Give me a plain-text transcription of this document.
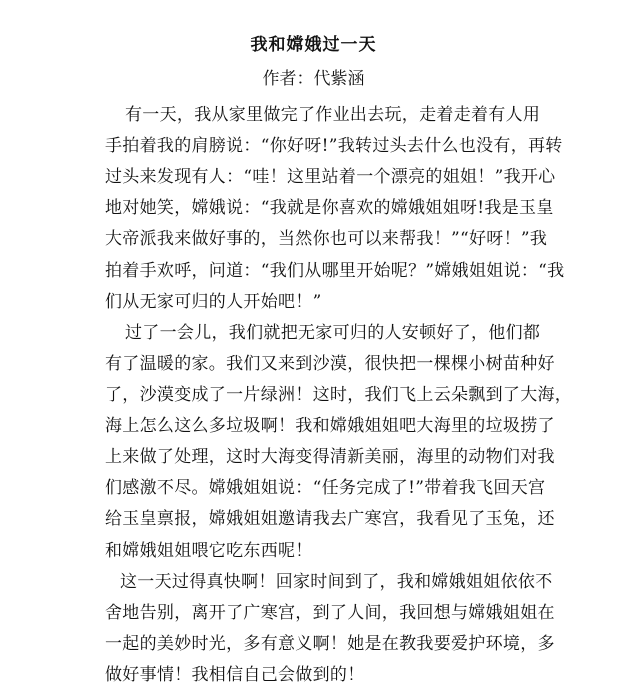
我和嫦娥过一天
作者：代紫涵
有一天，我从家里做完了作业出去玩，走着走着有人用
手拍着我的肩膀说：“你好呀!”我转过头去什么也没有，再转
过头来发现有人：“哇！这里站着一个漂亮的姐姐！”我开心
地对她笑，嫦娥说：“我就是你喜欢的嫦娥姐姐呀!我是玉皇
大帝派我来做好事的，当然你也可以来帮我！”“好呀！”我
拍着手欢呼，问道：“我们从哪里开始呢？”嫦娥姐姐说：“我
们从无家可归的人开始吧！”
过了一会儿，我们就把无家可归的人安顿好了，他们都
有了温暖的家。我们又来到沙漠，很快把一棵棵小树苗种好
了，沙漠变成了一片绿洲！这时，我们飞上云朵飘到了大海，
海上怎么这么多垃圾啊！我和嫦娥姐姐吧大海里的垃圾捞了
上来做了处理，这时大海变得清新美丽，海里的动物们对我
们感激不尽。嫦娥姐姐说：“任务完成了!”带着我飞回天宫
给玉皇禀报，嫦娥姐姐邀请我去广寒宫，我看见了玉兔，还
和嫦娥姐姐喂它吃东西呢！
这一天过得真快啊！回家时间到了，我和嫦娥姐姐依依不
舍地告别，离开了广寒宫，到了人间，我回想与嫦娥姐姐在
一起的美妙时光，多有意义啊！她是在教我要爱护环境，多
做好事情！我相信自己会做到的！
